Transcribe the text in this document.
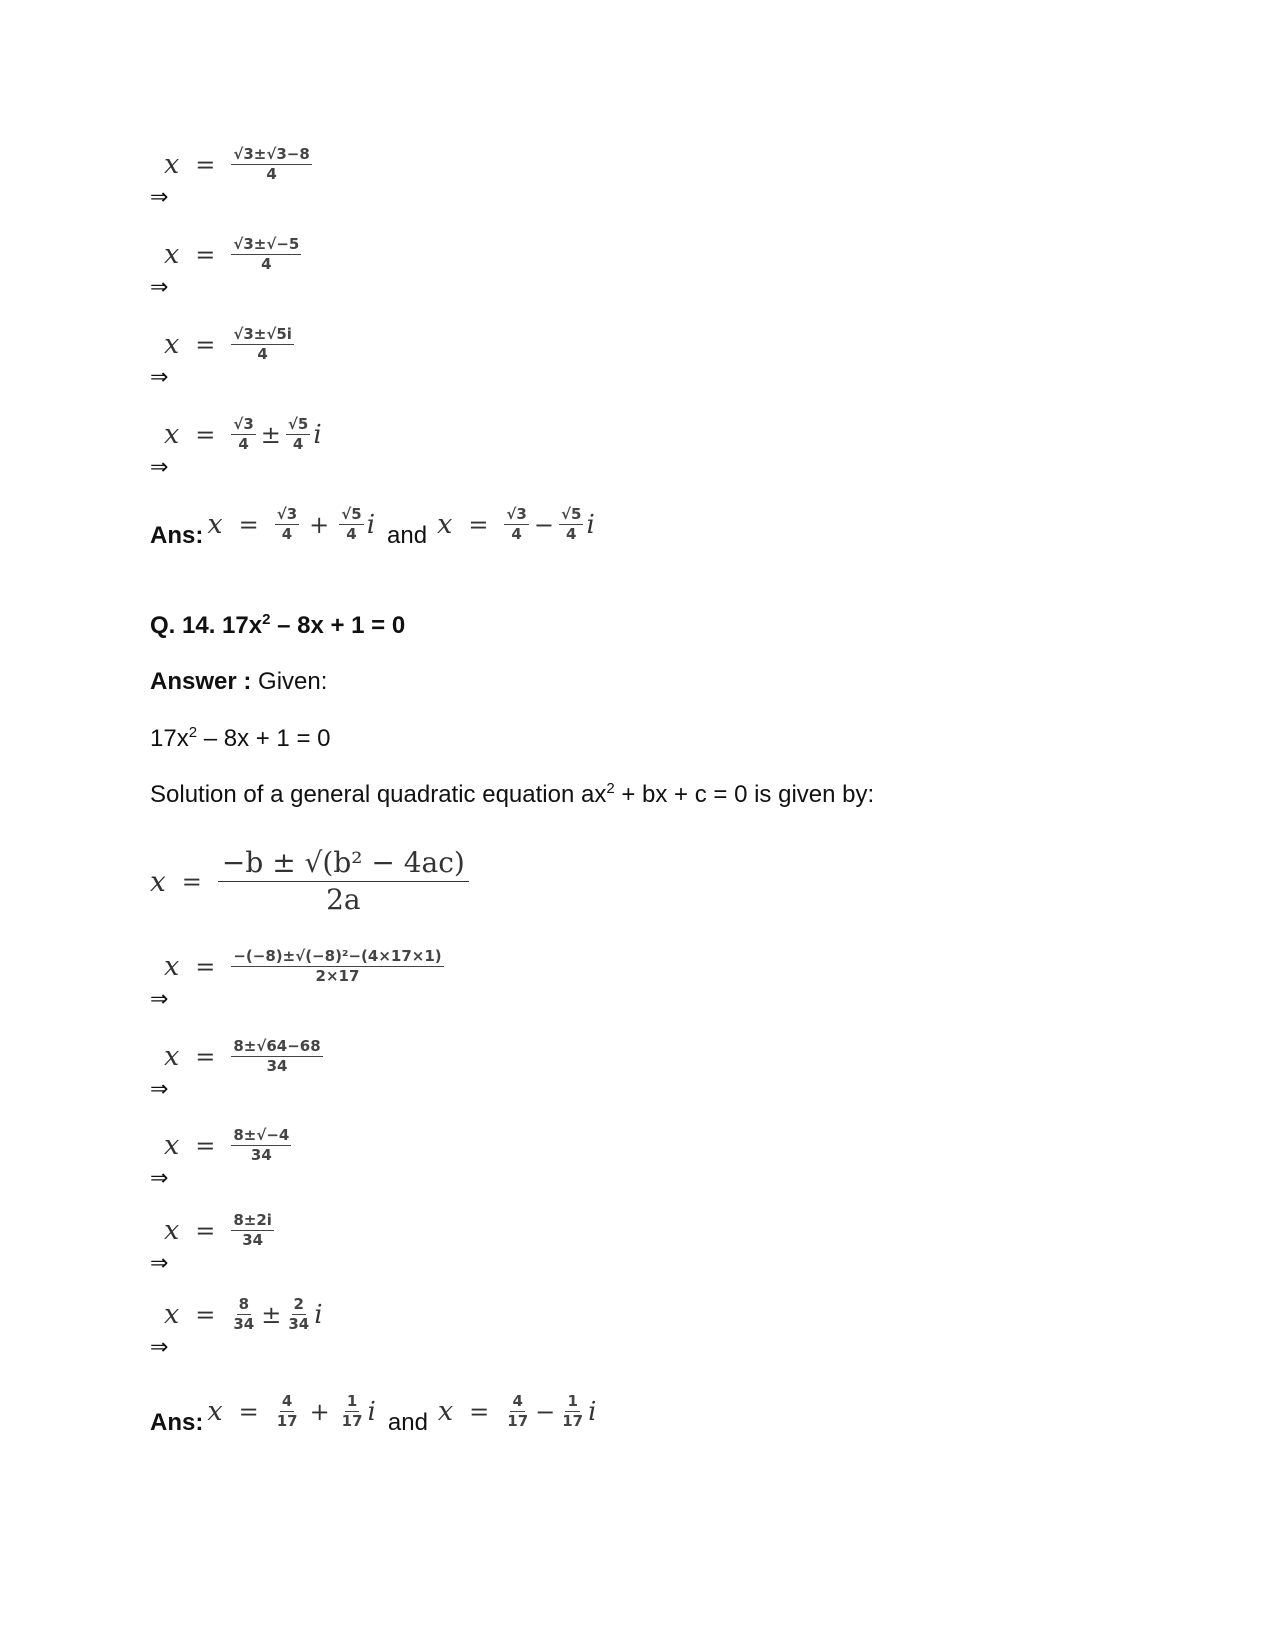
⇒
$x = \frac{√3\pm√3-8}{4}$
⇒
$x = \frac{√3\pm√-5}{4}$
⇒
$x = \frac{√3\pm√5i}{4}$
⇒
$x = \frac{√3}{4} \pm \frac{√5}{4}$ i
Ans: $x = \frac{√3}{4} + \frac{√5}{4}$ i and $x = \frac{√3}{4} - \frac{√5}{4}$ i
Q. 14. $17x^2 - 8x + 1 = 0$
Answer : Given:
$17x^2 - 8x + 1 = 0$
Solution of a general quadratic equation $ax^2$ + bx + c = 0 is given by:
$x = \frac{\text{−b ± √(b² − 4ac)}}{2a}$
⇒
$x = \frac{\text{−(−8)±√(−8)²−(4×17×1)}}{2\times 17}$
⇒
$x = \frac{8\pm√64-68}{34}$
⇒
$x = \frac{8\pm√-4}{34}$
⇒
$x = \frac{8\pm 2i}{34}$
⇒
$x = \frac{8}{34} \pm \frac{2}{34}$ i
Ans: $x = \frac{4}{17} + \frac{1}{17}$ i and $x = \frac{4}{17} - \frac{1}{17}$ i
